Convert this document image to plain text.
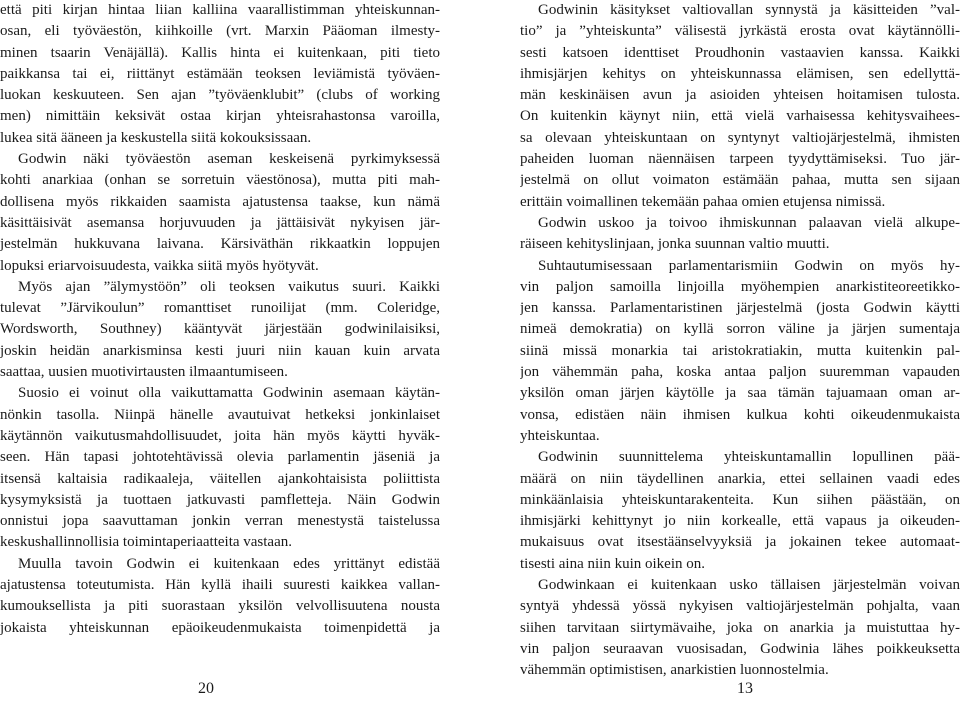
että piti kirjan hintaa liian kalliina vaarallistimman yhteiskunnan-
osan, eli työväestön, kiihkoille (vrt. Marxin Pääoman ilmesty-
minen tsaarin Venäjällä). Kallis hinta ei kuitenkaan, piti tieto
paikkansa tai ei, riittänyt estämään teoksen leviämistä työväen-
luokan keskuuteen. Sen ajan ”työväenklubit” (clubs of working
men) nimittäin keksivät ostaa kirjan yhteisrahastonsa varoilla,
lukea sitä ääneen ja keskustella siitä kokouksissaan.
Godwin näki työväestön aseman keskeisenä pyrkimyksessä
kohti anarkiaa (onhan se sorretuin väestönosa), mutta piti mah-
dollisena myös rikkaiden saamista ajatustensa taakse, kun nämä
käsittäisivät asemansa horjuvuuden ja jättäisivät nykyisen jär-
jestelmän hukkuvana laivana. Kärsiväthän rikkaatkin loppujen
lopuksi eriarvoisuudesta, vaikka siitä myös hyötyvät.
Myös ajan ”älymystöön” oli teoksen vaikutus suuri. Kaikki
tulevat ”Järvikoulun” romanttiset runoilijat (mm. Coleridge,
Wordsworth, Southney) kääntyvät järjestään godwinilaisiksi,
joskin heidän anarkisminsa kesti juuri niin kauan kuin arvata
saattaa, uusien muotivirtausten ilmaantumiseen.
Suosio ei voinut olla vaikuttamatta Godwinin asemaan käytän-
nönkin tasolla. Niinpä hänelle avautuivat hetkeksi jonkinlaiset
käytännön vaikutusmahdollisuudet, joita hän myös käytti hyväk-
seen. Hän tapasi johtotehtävissä olevia parlamentin jäseniä ja
itsensä kaltaisia radikaaleja, väitellen ajankohtaisista poliittista
kysymyksistä ja tuottaen jatkuvasti pamfletteja. Näin Godwin
onnistui jopa saavuttaman jonkin verran menestystä taistelussa
keskushallinnollisia toimintaperiaatteita vastaan.
Muulla tavoin Godwin ei kuitenkaan edes yrittänyt edistää
ajatustensa toteutumista. Hän kyllä ihaili suuresti kaikkea vallan-
kumouksellista ja piti suorastaan yksilön velvollisuutena nousta
jokaista yhteiskunnan epäoikeudenmukaista toimenpidettä ja
Godwinin käsitykset valtiovallan synnystä ja käsitteiden ”val-
tio” ja ”yhteiskunta” välisestä jyrkästä erosta ovat käytännölli-
sesti katsoen identtiset Proudhonin vastaavien kanssa. Kaikki
ihmisjärjen kehitys on yhteiskunnassa elämisen, sen edellyttä-
män keskinäisen avun ja asioiden yhteisen hoitamisen tulosta.
On kuitenkin käynyt niin, että vielä varhaisessa kehitysvaihees-
sa olevaan yhteiskuntaan on syntynyt valtiojärjestelmä, ihmisten
paheiden luoman näennäisen tarpeen tyydyttämiseksi. Tuo jär-
jestelmä on ollut voimaton estämään pahaa, mutta sen sijaan
erittäin voimallinen tekemään pahaa omien etujensa nimissä.
Godwin uskoo ja toivoo ihmiskunnan palaavan vielä alkupe-
räiseen kehityslinjaan, jonka suunnan valtio muutti.
Suhtautumisessaan parlamentarismiin Godwin on myös hy-
vin paljon samoilla linjoilla myöhempien anarkistiteoreetikko-
jen kanssa. Parlamentaristinen järjestelmä (josta Godwin käytti
nimeä demokratia) on kyllä sorron väline ja järjen sumentaja
siinä missä monarkia tai aristokratiakin, mutta kuitenkin pal-
jon vähemmän paha, koska antaa paljon suuremman vapauden
yksilön oman järjen käytölle ja saa tämän tajuamaan oman ar-
vonsa, edistäen näin ihmisen kulkua kohti oikeudenmukaista
yhteiskuntaa.
Godwinin suunnittelema yhteiskuntamallin lopullinen pää-
määrä on niin täydellinen anarkia, ettei sellainen vaadi edes
minkäänlaisia yhteiskuntarakenteita. Kun siihen päästään, on
ihmisjärki kehittynyt jo niin korkealle, että vapaus ja oikeuden-
mukaisuus ovat itsestäänselvyyksiä ja jokainen tekee automaat-
tisesti aina niin kuin oikein on.
Godwinkaan ei kuitenkaan usko tällaisen järjestelmän voivan
syntyä yhdessä yössä nykyisen valtiojärjestelmän pohjalta, vaan
siihen tarvitaan siirtymävaihe, joka on anarkia ja muistuttaa hy-
vin paljon seuraavan vuosisadan, Godwinia lähes poikkeuksetta
vähemmän optimistisen, anarkistien luonnostelmia.
20	13
